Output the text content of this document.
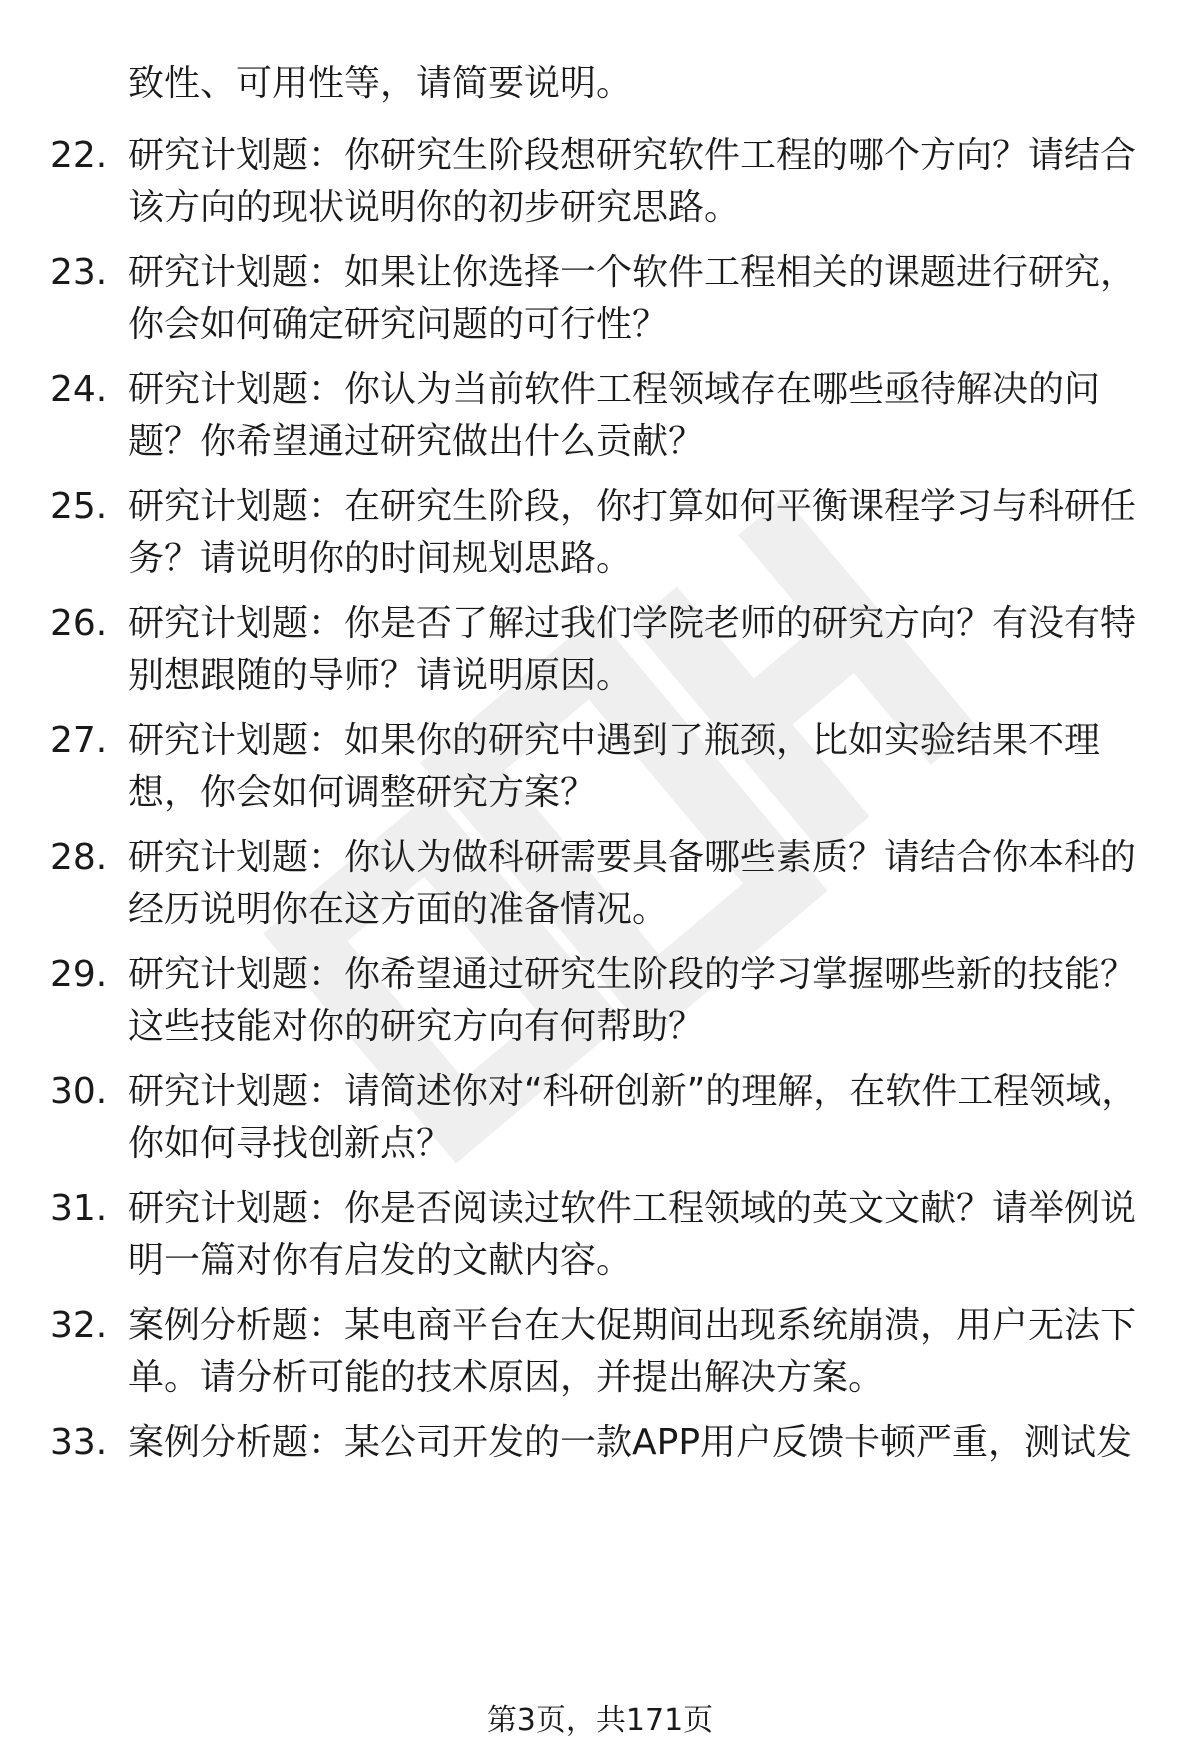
致性、可用性等，请简要说明。
22. 研究计划题：你研究生阶段想研究软件工程的哪个方向？请结合该方向的现状说明你的初步研究思路。
23. 研究计划题：如果让你选择一个软件工程相关的课题进行研究，你会如何确定研究问题的可行性？
24. 研究计划题：你认为当前软件工程领域存在哪些亟待解决的问题？你希望通过研究做出什么贡献？
25. 研究计划题：在研究生阶段，你打算如何平衡课程学习与科研任务？请说明你的时间规划思路。
26. 研究计划题：你是否了解过我们学院老师的研究方向？有没有特别想跟随的导师？请说明原因。
27. 研究计划题：如果你的研究中遇到了瓶颈，比如实验结果不理想，你会如何调整研究方案？
28. 研究计划题：你认为做科研需要具备哪些素质？请结合你本科的经历说明你在这方面的准备情况。
29. 研究计划题：你希望通过研究生阶段的学习掌握哪些新的技能？这些技能对你的研究方向有何帮助？
30. 研究计划题：请简述你对“科研创新”的理解，在软件工程领域，你如何寻找创新点？
31. 研究计划题：你是否阅读过软件工程领域的英文文献？请举例说明一篇对你有启发的文献内容。
32. 案例分析题：某电商平台在大促期间出现系统崩溃，用户无法下单。请分析可能的技术原因，并提出解决方案。
33. 案例分析题：某公司开发的一款APP用户反馈卡顿严重，测试发
第3页，共171页
